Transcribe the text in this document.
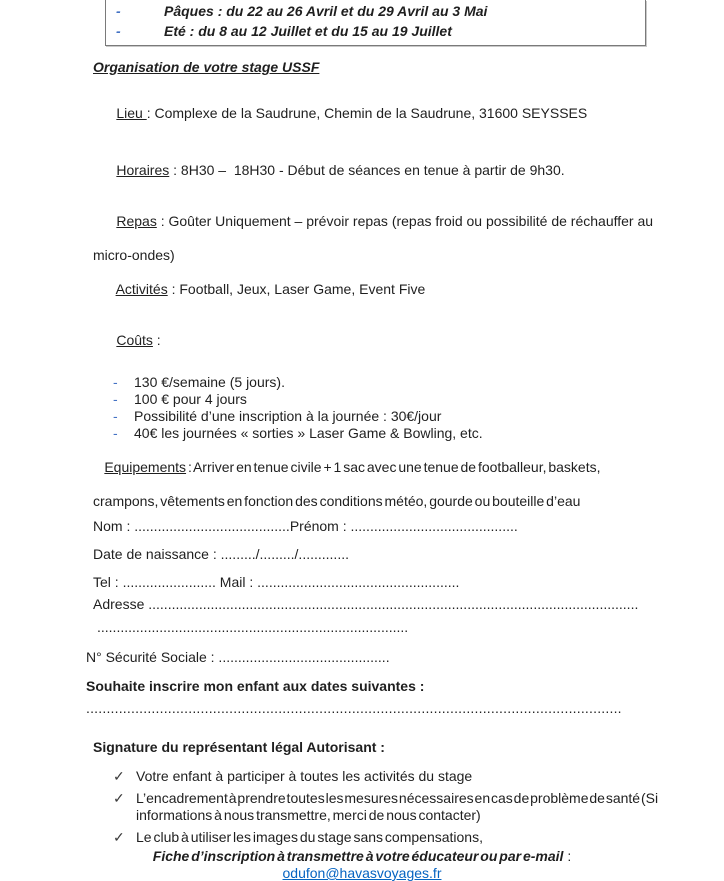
-	Pâques : du 22 au 26 Avril et du 29 Avril au 3 Mai
-	Eté : du 8 au 12 Juillet et du 15 au 19 Juillet
Organisation de votre stage USSF

Lieu : Complexe de la Saudrune, Chemin de la Saudrune, 31600 SEYSSES

Horaires : 8H30 –  18H30 - Début de séances en tenue à partir de 9h30.

Repas : Goûter Uniquement – prévoir repas (repas froid ou possibilité de réchauffer au

micro-ondes)

Activités : Football, Jeux, Laser Game, Event Five

Coûts :

-	130 €/semaine (5 jours).
-	100 € pour 4 jours
-	Possibilité d’une inscription à la journée : 30€/jour
-	40€ les journées « sorties » Laser Game & Bowling, etc.

Equipements : Arriver en tenue civile + 1 sac avec une tenue de footballeur, baskets,

crampons, vêtements en fonction des conditions météo, gourde ou bouteille d’eau
Nom : ........................................Prénom : ...........................................
Date de naissance : ........./........./.............
Tel : ........................ Mail : ....................................................
Adresse ..............................................................................................................................
................................................................................
N° Sécurité Sociale : ............................................
Souhaite inscrire mon enfant aux dates suivantes :
...................................................................................................................................
Signature du représentant légal Autorisant :
✓ Votre enfant à participer à toutes les activités du stage
✓ L’encadrement à prendre toutes les mesures nécessaires en cas de problème de santé (Si
informations à nous transmettre, merci de nous contacter)
✓ Le club à utiliser les images du stage sans compensations,
Fiche d’inscription à transmettre à votre éducateur ou par e-mail :
odufon@havasvoyages.fr
